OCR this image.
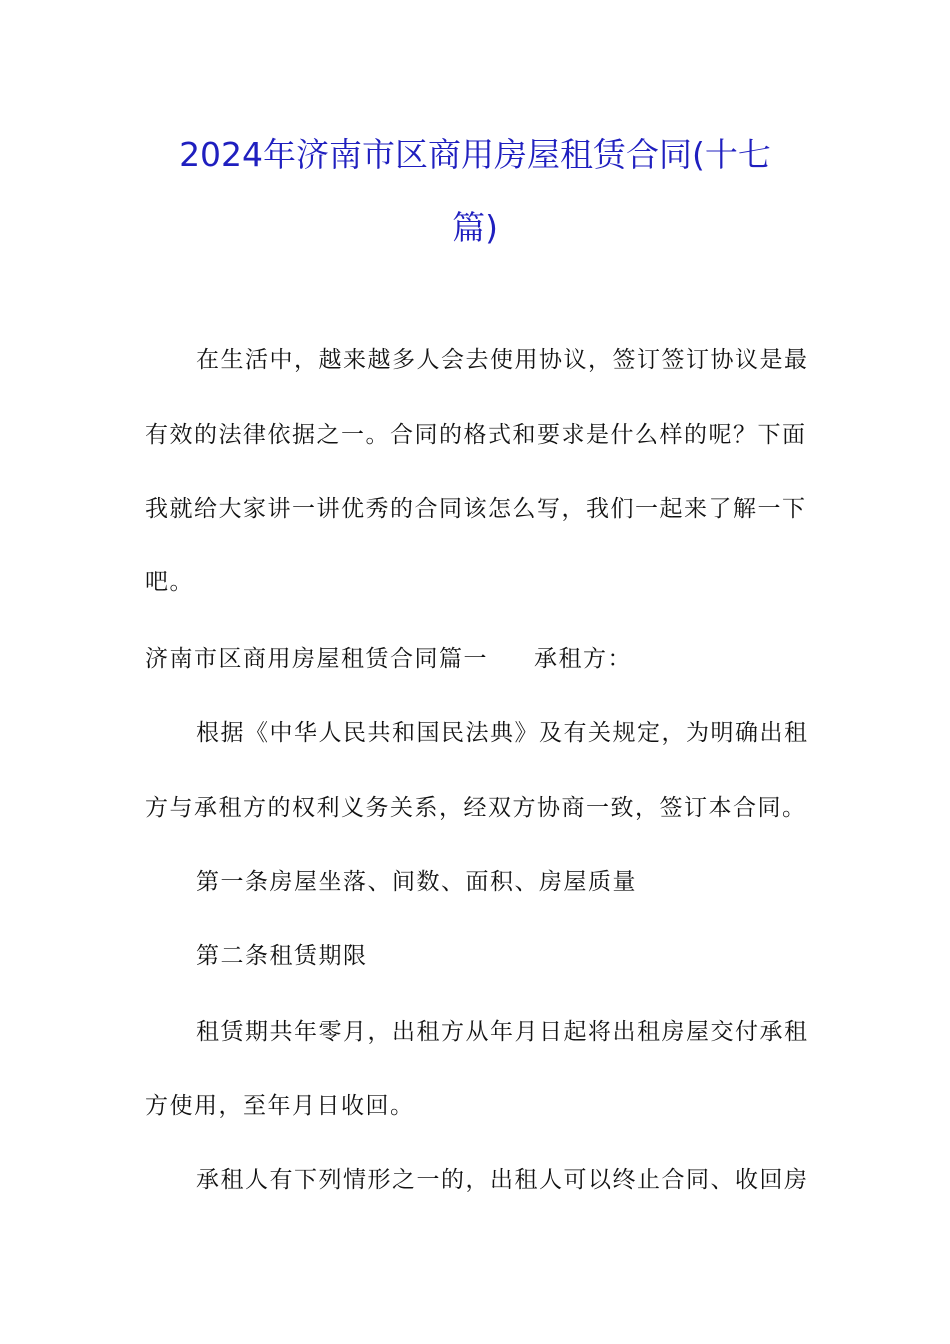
2024年济南市区商用房屋租赁合同(十七
篇)
在生活中，越来越多人会去使用协议，签订签订协议是最
有效的法律依据之一。合同的格式和要求是什么样的呢？下面
我就给大家讲一讲优秀的合同该怎么写，我们一起来了解一下
吧。
济南市区商用房屋租赁合同篇一 承租方：
根据《中华人民共和国民法典》及有关规定，为明确出租
方与承租方的权利义务关系，经双方协商一致，签订本合同。
第一条房屋坐落、间数、面积、房屋质量
第二条租赁期限
租赁期共年零月，出租方从年月日起将出租房屋交付承租
方使用，至年月日收回。
承租人有下列情形之一的，出租人可以终止合同、收回房
